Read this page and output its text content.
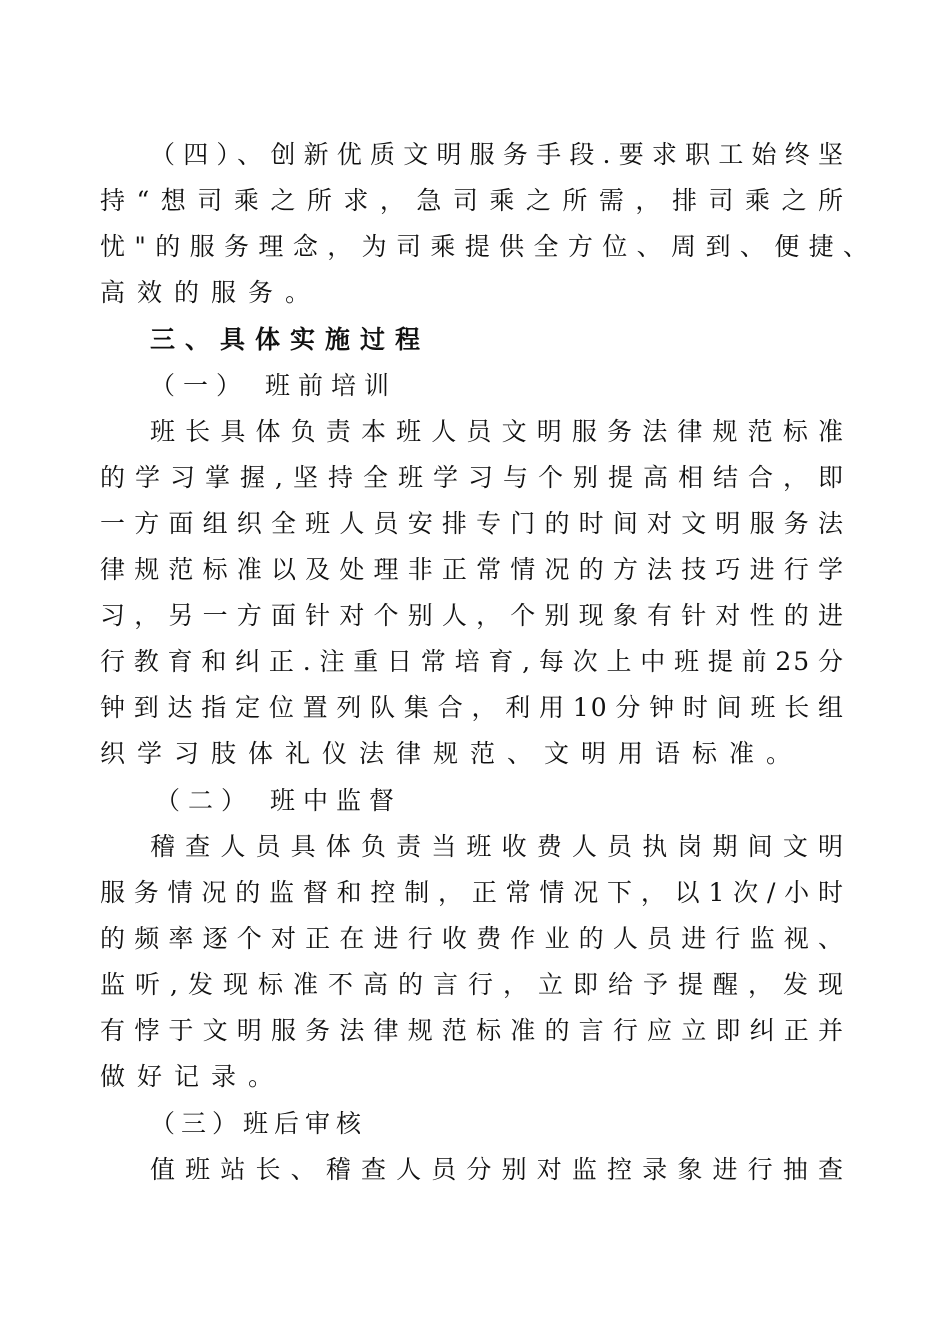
（四）、创新优质文明服务手段.要求职工始终坚
持“想司乘之所求，急司乘之所需，排司乘之所
忧"的服务理念，为司乘提供全方位、周到、便捷、
高效的服务。
三、具体实施过程
（一） 班前培训
班长具体负责本班人员文明服务法律规范标准
的学习掌握,坚持全班学习与个别提高相结合，即
一方面组织全班人员安排专门的时间对文明服务法
律规范标准以及处理非正常情况的方法技巧进行学
习，另一方面针对个别人，个别现象有针对性的进
行教育和纠正.注重日常培育,每次上中班提前25分
钟到达指定位置列队集合，利用10分钟时间班长组
织学习肢体礼仪法律规范、文明用语标准。
（二） 班中监督
稽查人员具体负责当班收费人员执岗期间文明
服务情况的监督和控制，正常情况下，以1次/小时
的频率逐个对正在进行收费作业的人员进行监视、
监听,发现标准不高的言行，立即给予提醒，发现
有悖于文明服务法律规范标准的言行应立即纠正并
做好记录。
（三）班后审核
值班站长、稽查人员分别对监控录象进行抽查
